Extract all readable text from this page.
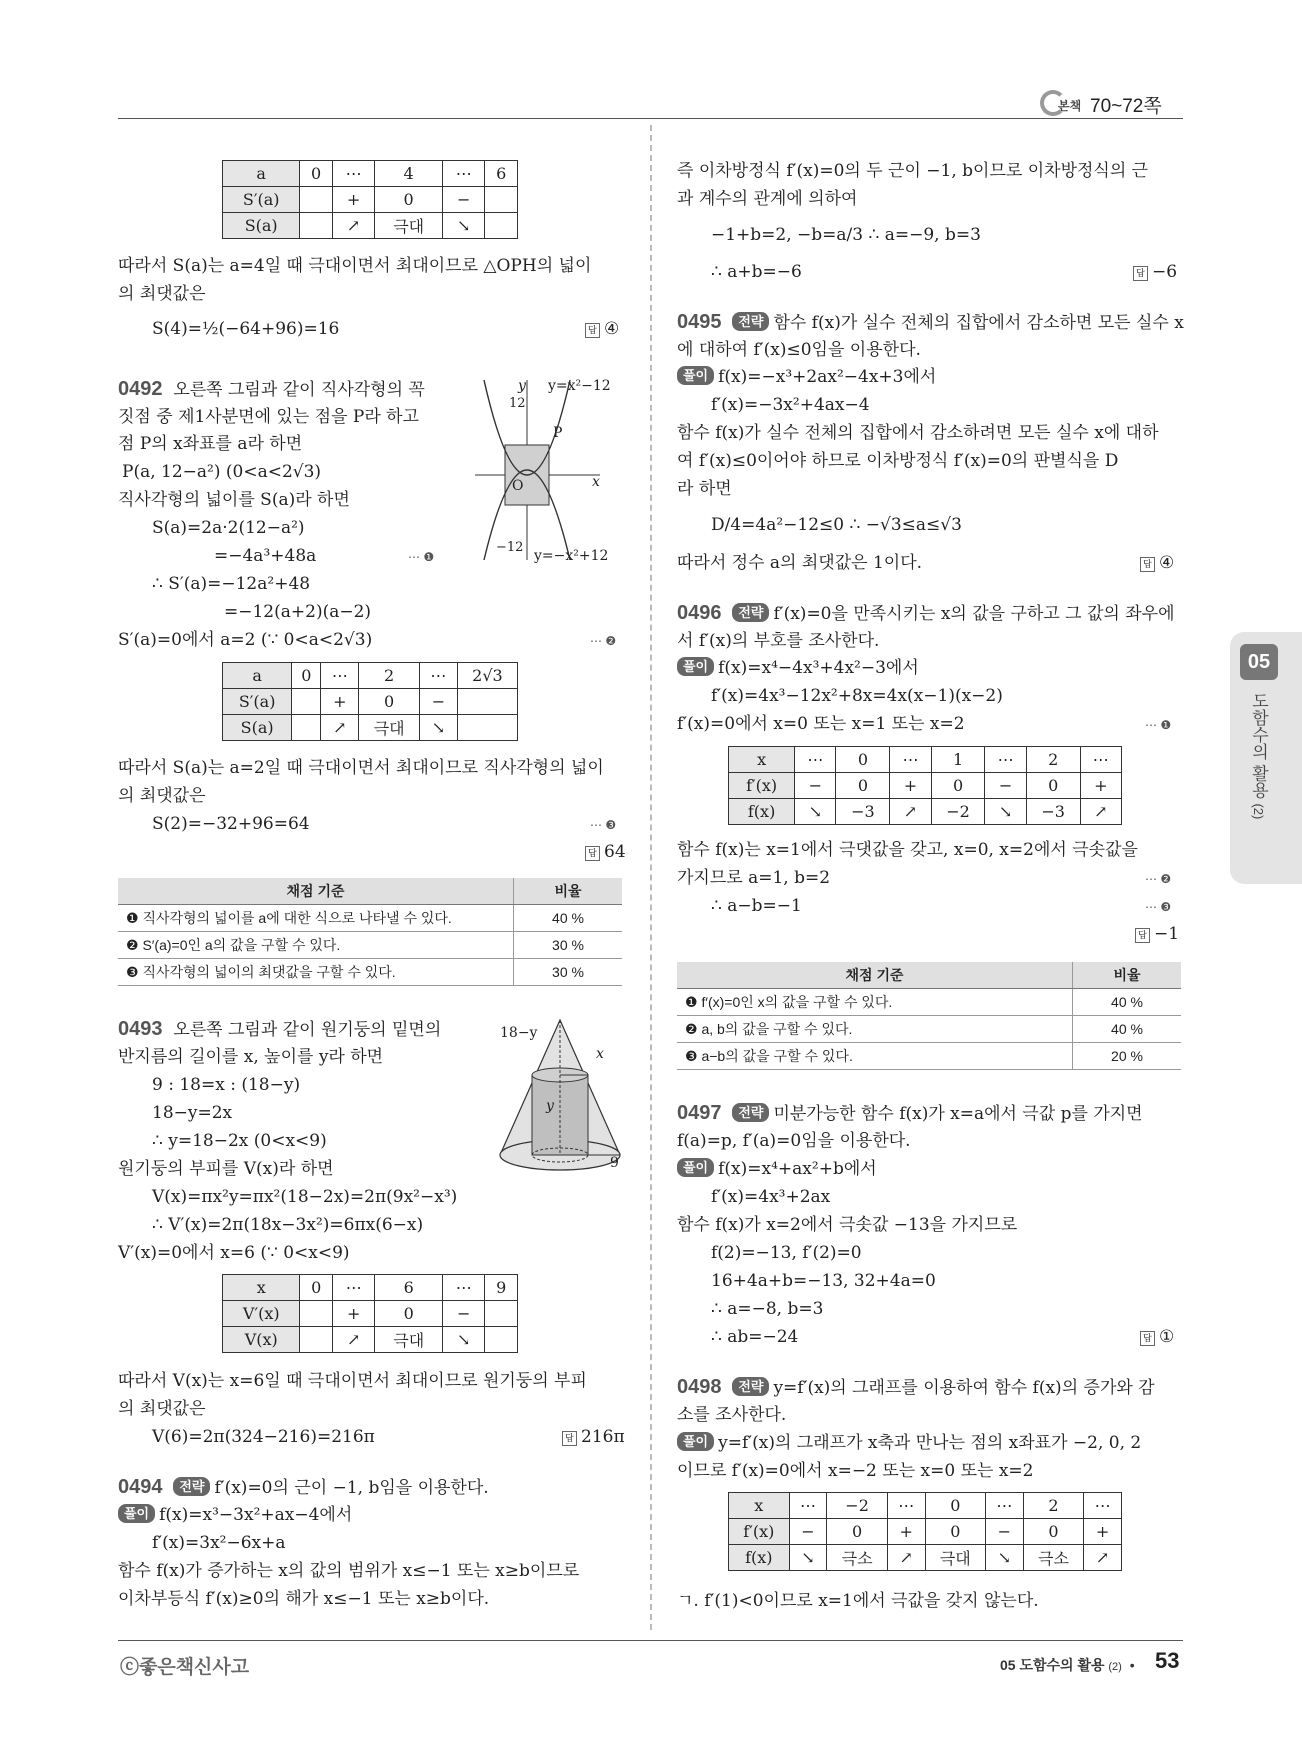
본책 70~72쪽
a	0	⋯	4	⋯	6
S′(a)		+	0	−	
S(a)		↗	극대	↘	
따라서 S(a)는 a=4일 때 극대이면서 최대이므로 △OPH의 넓이
의 최댓값은
S(4)=½(−64+96)=16	답 ④
0492 오른쪽 그림과 같이 직사각형의 꼭
짓점 중 제1사분면에 있는 점을 P라 하고
점 P의 x좌표를 a라 하면
P(a, 12−a²) (0<a<2√3)
직사각형의 넓이를 S(a)라 하면
S(a)=2a·2(12−a²)
=−4a³+48a	⋯ ❶
∴ S′(a)=−12a²+48
=−12(a+2)(a−2)
S′(a)=0에서 a=2 (∵ 0<a<2√3)	⋯ ❷
y y=x²−12
12
P
O	x
−12
y=−x²+12
a	0	⋯	2	⋯	2√3
S′(a)		+	0	−	
S(a)		↗	극대	↘	
따라서 S(a)는 a=2일 때 극대이면서 최대이므로 직사각형의 넓이
의 최댓값은
S(2)=−32+96=64	⋯ ❸
답 64
채점 기준	비율
❶ 직사각형의 넓이를 a에 대한 식으로 나타낼 수 있다.	40 %
❷ S′(a)=0인 a의 값을 구할 수 있다.	30 %
❸ 직사각형의 넓이의 최댓값을 구할 수 있다.	30 %
0493 오른쪽 그림과 같이 원기둥의 밑면의
반지름의 길이를 x, 높이를 y라 하면
9 : 18=x : (18−y)
18−y=2x
∴ y=18−2x (0<x<9)
원기둥의 부피를 V(x)라 하면
V(x)=πx²y=πx²(18−2x)=2π(9x²−x³)
∴ V′(x)=2π(18x−3x²)=6πx(6−x)
V′(x)=0에서 x=6 (∵ 0<x<9)
18−y
x
y
9
x	0	⋯	6	⋯	9
V′(x)		+	0	−	
V(x)		↗	극대	↘	
따라서 V(x)는 x=6일 때 극대이면서 최대이므로 원기둥의 부피
의 최댓값은
V(6)=2π(324−216)=216π	답 216π
0494 전략 f′(x)=0의 근이 −1, b임을 이용한다.
풀이 f(x)=x³−3x²+ax−4에서
f′(x)=3x²−6x+a
함수 f(x)가 증가하는 x의 값의 범위가 x≤−1 또는 x≥b이므로
이차부등식 f′(x)≥0의 해가 x≤−1 또는 x≥b이다.
즉 이차방정식 f′(x)=0의 두 근이 −1, b이므로 이차방정식의 근
과 계수의 관계에 의하여
−1+b=2, −b=a/3 ∴ a=−9, b=3
∴ a+b=−6	답 −6
0495 전략 함수 f(x)가 실수 전체의 집합에서 감소하면 모든 실수 x
에 대하여 f′(x)≤0임을 이용한다.
풀이 f(x)=−x³+2ax²−4x+3에서
f′(x)=−3x²+4ax−4
함수 f(x)가 실수 전체의 집합에서 감소하려면 모든 실수 x에 대하
여 f′(x)≤0이어야 하므로 이차방정식 f′(x)=0의 판별식을 D
라 하면
D/4=4a²−12≤0 ∴ −√3≤a≤√3
따라서 정수 a의 최댓값은 1이다.	답 ④
0496 전략 f′(x)=0을 만족시키는 x의 값을 구하고 그 값의 좌우에
서 f′(x)의 부호를 조사한다.
풀이 f(x)=x⁴−4x³+4x²−3에서
f′(x)=4x³−12x²+8x=4x(x−1)(x−2)
f′(x)=0에서 x=0 또는 x=1 또는 x=2	⋯ ❶
x	⋯	0	⋯	1	⋯	2	⋯
f′(x)	−	0	+	0	−	0	+
f(x)	↘	−3	↗	−2	↘	−3	↗
함수 f(x)는 x=1에서 극댓값을 갖고, x=0, x=2에서 극솟값을
가지므로 a=1, b=2	⋯ ❷
∴ a−b=−1	⋯ ❸
답 −1
채점 기준	비율
❶ f′(x)=0인 x의 값을 구할 수 있다.	40 %
❷ a, b의 값을 구할 수 있다.	40 %
❸ a−b의 값을 구할 수 있다.	20 %
0497 전략 미분가능한 함수 f(x)가 x=a에서 극값 p를 가지면
f(a)=p, f′(a)=0임을 이용한다.
풀이 f(x)=x⁴+ax²+b에서
f′(x)=4x³+2ax
함수 f(x)가 x=2에서 극솟값 −13을 가지므로
f(2)=−13, f′(2)=0
16+4a+b=−13, 32+4a=0
∴ a=−8, b=3
∴ ab=−24	답 ①
0498 전략 y=f′(x)의 그래프를 이용하여 함수 f(x)의 증가와 감
소를 조사한다.
풀이 y=f′(x)의 그래프가 x축과 만나는 점의 x좌표가 −2, 0, 2
이므로 f′(x)=0에서 x=−2 또는 x=0 또는 x=2
x	⋯	−2	⋯	0	⋯	2	⋯
f′(x)	−	0	+	0	−	0	+
f(x)	↘	극소	↗	극대	↘	극소	↗
ㄱ. f′(1)<0이므로 x=1에서 극값을 갖지 않는다.
05
도함수의 활용 (2)
ⓒ좋은책신사고	05 도함수의 활용 (2) • 53
